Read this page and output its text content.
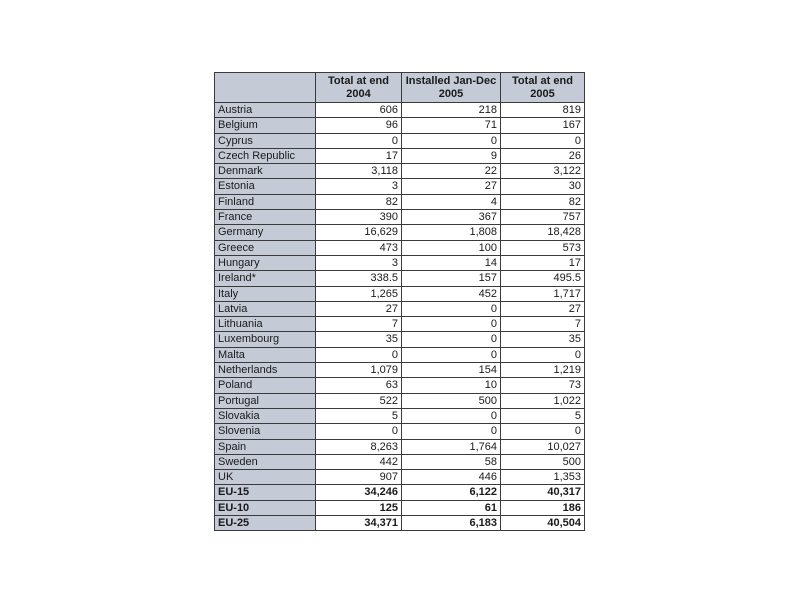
	Total at end 2004	Installed Jan-Dec 2005	Total at end 2005
Austria	606	218	819
Belgium	96	71	167
Cyprus	0	0	0
Czech Republic	17	9	26
Denmark	3,118	22	3,122
Estonia	3	27	30
Finland	82	4	82
France	390	367	757
Germany	16,629	1,808	18,428
Greece	473	100	573
Hungary	3	14	17
Ireland*	338.5	157	495.5
Italy	1,265	452	1,717
Latvia	27	0	27
Lithuania	7	0	7
Luxembourg	35	0	35
Malta	0	0	0
Netherlands	1,079	154	1,219
Poland	63	10	73
Portugal	522	500	1,022
Slovakia	5	0	5
Slovenia	0	0	0
Spain	8,263	1,764	10,027
Sweden	442	58	500
UK	907	446	1,353
EU-15	34,246	6,122	40,317
EU-10	125	61	186
EU-25	34,371	6,183	40,504
